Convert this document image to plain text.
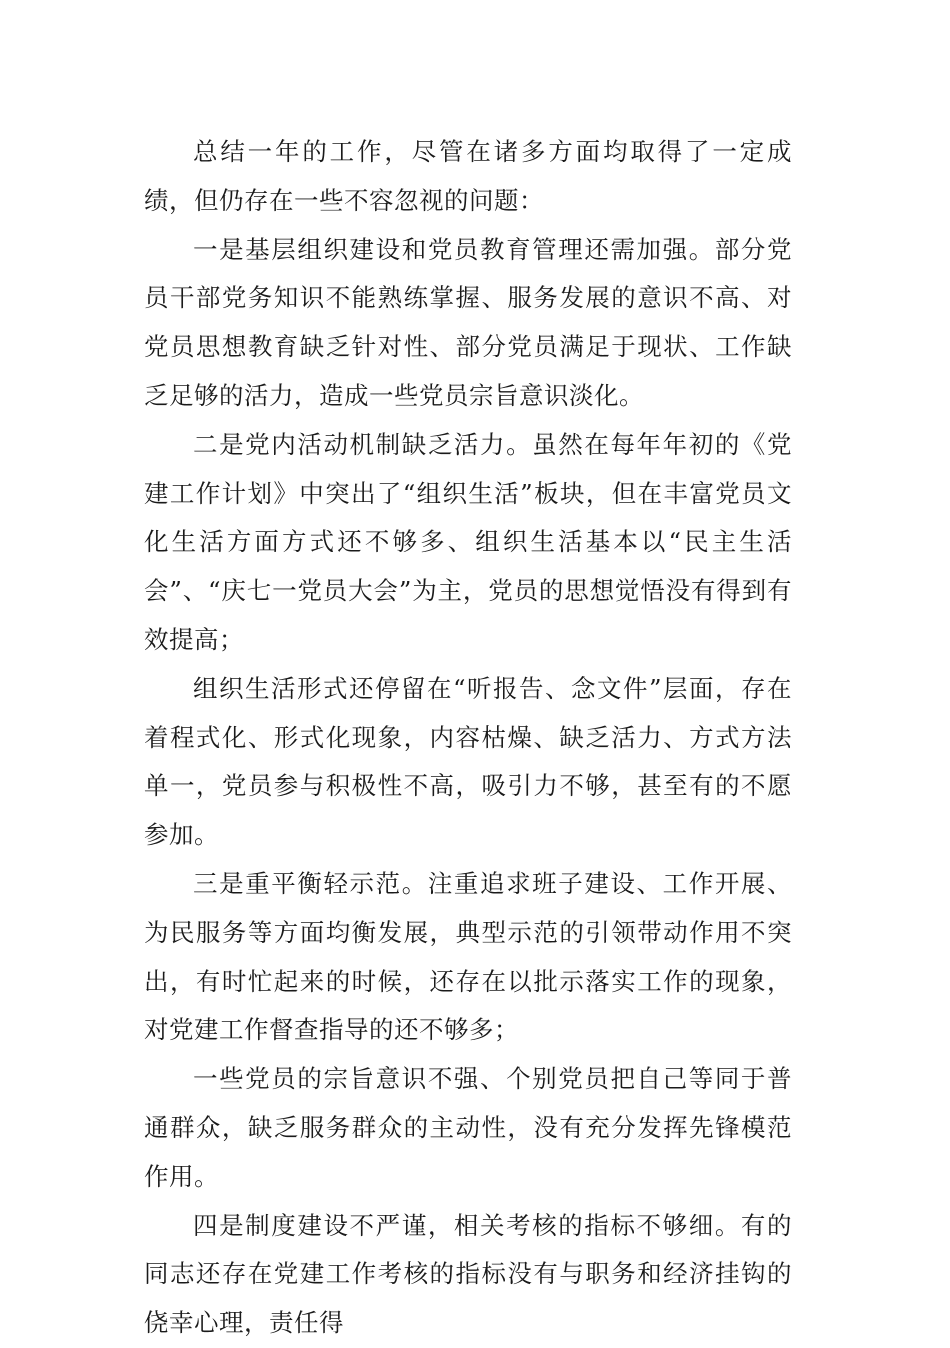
总结一年的工作，尽管在诸多方面均取得了一定成绩，但仍存在一些不容忽视的问题：

一是基层组织建设和党员教育管理还需加强。部分党员干部党务知识不能熟练掌握、服务发展的意识不高、对党员思想教育缺乏针对性、部分党员满足于现状、工作缺乏足够的活力，造成一些党员宗旨意识淡化。

二是党内活动机制缺乏活力。虽然在每年年初的《党建工作计划》中突出了“组织生活”板块，但在丰富党员文化生活方面方式还不够多、组织生活基本以“民主生活会”、“庆七一党员大会”为主，党员的思想觉悟没有得到有效提高；

组织生活形式还停留在“听报告、念文件”层面，存在着程式化、形式化现象，内容枯燥、缺乏活力、方式方法单一，党员参与积极性不高，吸引力不够，甚至有的不愿参加。

三是重平衡轻示范。注重追求班子建设、工作开展、为民服务等方面均衡发展，典型示范的引领带动作用不突出，有时忙起来的时候，还存在以批示落实工作的现象，对党建工作督查指导的还不够多；

一些党员的宗旨意识不强、个别党员把自己等同于普通群众，缺乏服务群众的主动性，没有充分发挥先锋模范作用。

四是制度建设不严谨，相关考核的指标不够细。有的同志还存在党建工作考核的指标没有与职务和经济挂钩的侥幸心理，责任得
